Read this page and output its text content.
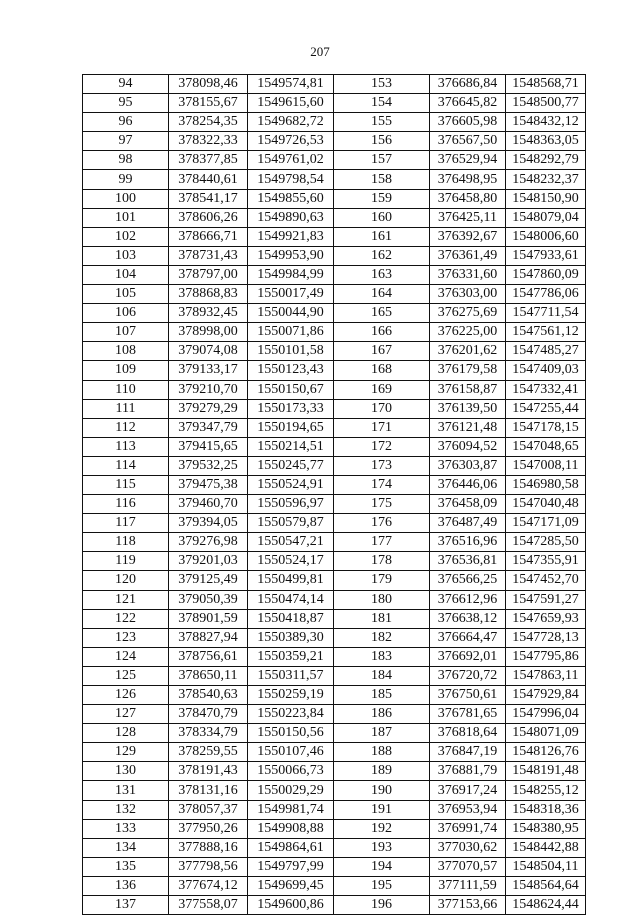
207
94	378098,46	1549574,81	153	376686,84	1548568,71
95	378155,67	1549615,60	154	376645,82	1548500,77
96	378254,35	1549682,72	155	376605,98	1548432,12
97	378322,33	1549726,53	156	376567,50	1548363,05
98	378377,85	1549761,02	157	376529,94	1548292,79
99	378440,61	1549798,54	158	376498,95	1548232,37
100	378541,17	1549855,60	159	376458,80	1548150,90
101	378606,26	1549890,63	160	376425,11	1548079,04
102	378666,71	1549921,83	161	376392,67	1548006,60
103	378731,43	1549953,90	162	376361,49	1547933,61
104	378797,00	1549984,99	163	376331,60	1547860,09
105	378868,83	1550017,49	164	376303,00	1547786,06
106	378932,45	1550044,90	165	376275,69	1547711,54
107	378998,00	1550071,86	166	376225,00	1547561,12
108	379074,08	1550101,58	167	376201,62	1547485,27
109	379133,17	1550123,43	168	376179,58	1547409,03
110	379210,70	1550150,67	169	376158,87	1547332,41
111	379279,29	1550173,33	170	376139,50	1547255,44
112	379347,79	1550194,65	171	376121,48	1547178,15
113	379415,65	1550214,51	172	376094,52	1547048,65
114	379532,25	1550245,77	173	376303,87	1547008,11
115	379475,38	1550524,91	174	376446,06	1546980,58
116	379460,70	1550596,97	175	376458,09	1547040,48
117	379394,05	1550579,87	176	376487,49	1547171,09
118	379276,98	1550547,21	177	376516,96	1547285,50
119	379201,03	1550524,17	178	376536,81	1547355,91
120	379125,49	1550499,81	179	376566,25	1547452,70
121	379050,39	1550474,14	180	376612,96	1547591,27
122	378901,59	1550418,87	181	376638,12	1547659,93
123	378827,94	1550389,30	182	376664,47	1547728,13
124	378756,61	1550359,21	183	376692,01	1547795,86
125	378650,11	1550311,57	184	376720,72	1547863,11
126	378540,63	1550259,19	185	376750,61	1547929,84
127	378470,79	1550223,84	186	376781,65	1547996,04
128	378334,79	1550150,56	187	376818,64	1548071,09
129	378259,55	1550107,46	188	376847,19	1548126,76
130	378191,43	1550066,73	189	376881,79	1548191,48
131	378131,16	1550029,29	190	376917,24	1548255,12
132	378057,37	1549981,74	191	376953,94	1548318,36
133	377950,26	1549908,88	192	376991,74	1548380,95
134	377888,16	1549864,61	193	377030,62	1548442,88
135	377798,56	1549797,99	194	377070,57	1548504,11
136	377674,12	1549699,45	195	377111,59	1548564,64
137	377558,07	1549600,86	196	377153,66	1548624,44
